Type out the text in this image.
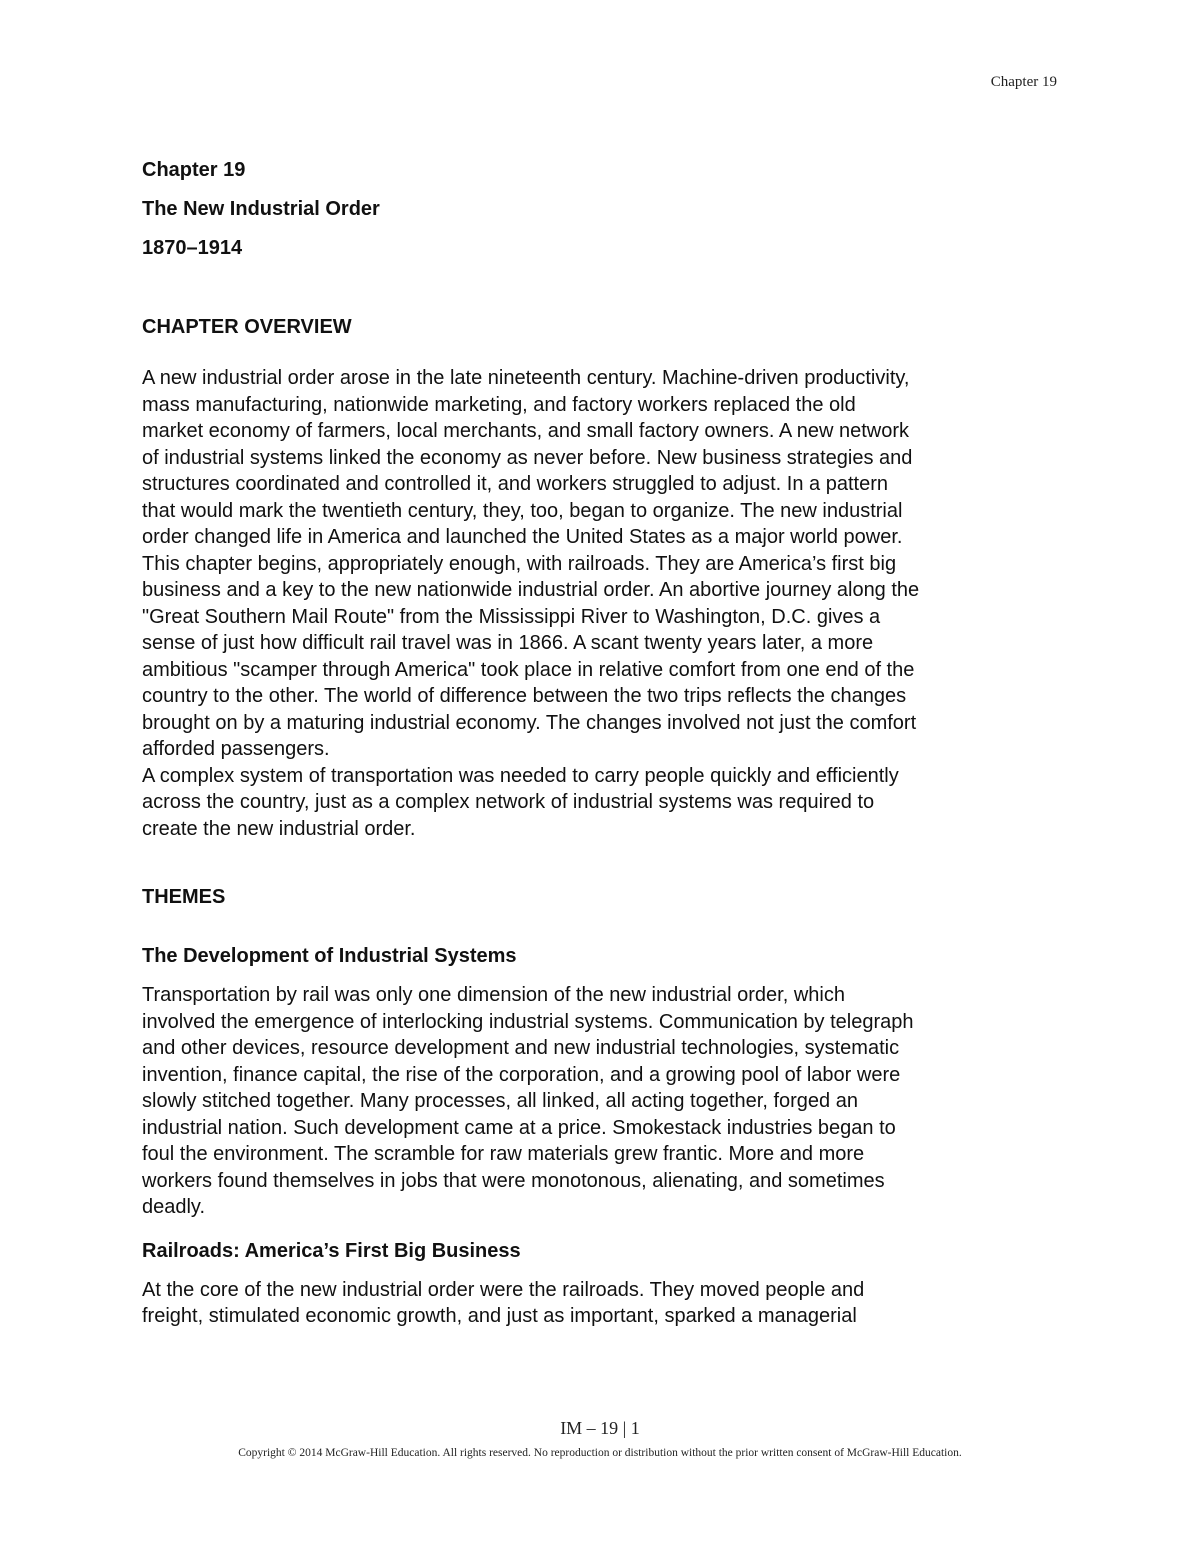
Chapter 19
Chapter 19
The New Industrial Order
1870–1914
CHAPTER OVERVIEW
A new industrial order arose in the late nineteenth century. Machine-driven productivity,
mass manufacturing, nationwide marketing, and factory workers replaced the old
market economy of farmers, local merchants, and small factory owners. A new network
of industrial systems linked the economy as never before. New business strategies and
structures coordinated and controlled it, and workers struggled to adjust. In a pattern
that would mark the twentieth century, they, too, began to organize. The new industrial
order changed life in America and launched the United States as a major world power.
This chapter begins, appropriately enough, with railroads. They are America’s first big
business and a key to the new nationwide industrial order. An abortive journey along the
"Great Southern Mail Route" from the Mississippi River to Washington, D.C. gives a
sense of just how difficult rail travel was in 1866. A scant twenty years later, a more
ambitious "scamper through America" took place in relative comfort from one end of the
country to the other. The world of difference between the two trips reflects the changes
brought on by a maturing industrial economy. The changes involved not just the comfort
afforded passengers.
A complex system of transportation was needed to carry people quickly and efficiently
across the country, just as a complex network of industrial systems was required to
create the new industrial order.
THEMES
The Development of Industrial Systems
Transportation by rail was only one dimension of the new industrial order, which
involved the emergence of interlocking industrial systems. Communication by telegraph
and other devices, resource development and new industrial technologies, systematic
invention, finance capital, the rise of the corporation, and a growing pool of labor were
slowly stitched together. Many processes, all linked, all acting together, forged an
industrial nation. Such development came at a price. Smokestack industries began to
foul the environment. The scramble for raw materials grew frantic. More and more
workers found themselves in jobs that were monotonous, alienating, and sometimes
deadly.
Railroads: America’s First Big Business
At the core of the new industrial order were the railroads. They moved people and
freight, stimulated economic growth, and just as important, sparked a managerial
IM – 19 | 1
Copyright © 2014 McGraw-Hill Education. All rights reserved. No reproduction or distribution without the prior written consent of McGraw-Hill Education.
